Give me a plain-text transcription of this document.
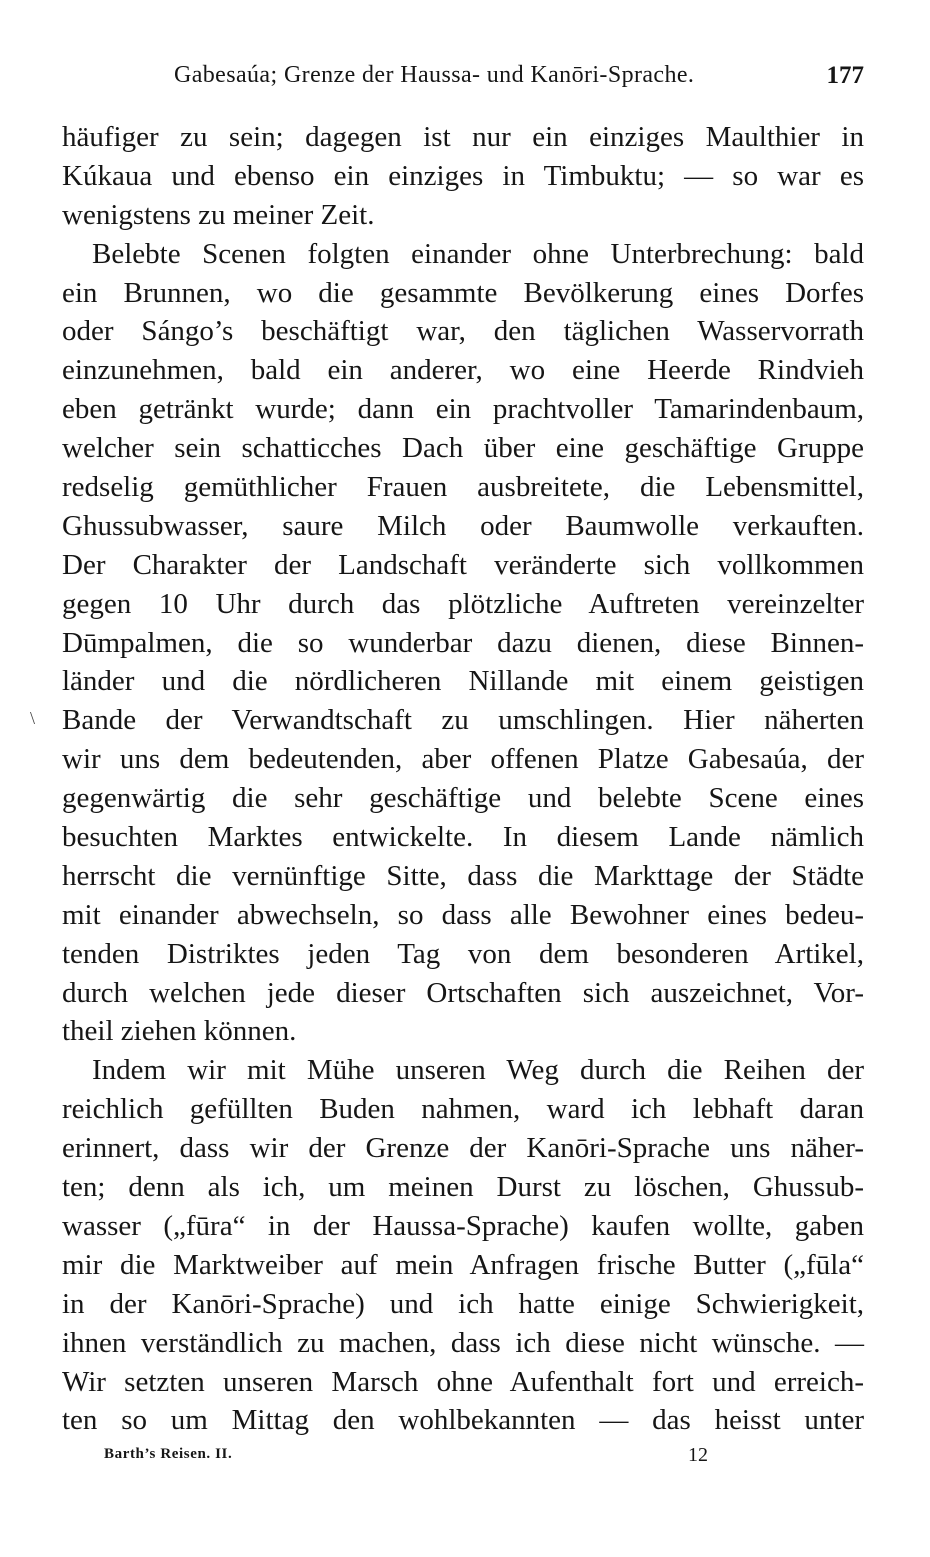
Gabesaúa; Grenze der Haussa- und Kanōri-Sprache.	177
\
häufiger zu sein; dagegen ist nur ein einziges Maulthier in
Kúkaua und ebenso ein einziges in Timbuktu; — so war es
wenigstens zu meiner Zeit.
Belebte Scenen folgten einander ohne Unterbrechung: bald
ein Brunnen, wo die gesammte Bevölkerung eines Dorfes
oder Sángo’s beschäftigt war, den täglichen Wasservorrath
einzunehmen, bald ein anderer, wo eine Heerde Rindvieh
eben getränkt wurde; dann ein prachtvoller Tamarindenbaum,
welcher sein schatticches Dach über eine geschäftige Gruppe
redselig gemüthlicher Frauen ausbreitete, die Lebensmittel,
Ghussubwasser, saure Milch oder Baumwolle verkauften.
Der Charakter der Landschaft veränderte sich vollkommen
gegen 10 Uhr durch das plötzliche Auftreten vereinzelter
Dūmpalmen, die so wunderbar dazu dienen, diese Binnen-
länder und die nördlicheren Nillande mit einem geistigen
Bande der Verwandtschaft zu umschlingen. Hier näherten
wir uns dem bedeutenden, aber offenen Platze Gabesaúa, der
gegenwärtig die sehr geschäftige und belebte Scene eines
besuchten Marktes entwickelte. In diesem Lande nämlich
herrscht die vernünftige Sitte, dass die Markttage der Städte
mit einander abwechseln, so dass alle Bewohner eines bedeu-
tenden Distriktes jeden Tag von dem besonderen Artikel,
durch welchen jede dieser Ortschaften sich auszeichnet, Vor-
theil ziehen können.
Indem wir mit Mühe unseren Weg durch die Reihen der
reichlich gefüllten Buden nahmen, ward ich lebhaft daran
erinnert, dass wir der Grenze der Kanōri-Sprache uns näher-
ten; denn als ich, um meinen Durst zu löschen, Ghussub-
wasser („fūra“ in der Haussa-Sprache) kaufen wollte, gaben
mir die Marktweiber auf mein Anfragen frische Butter („fūla“
in der Kanōri-Sprache) und ich hatte einige Schwierigkeit,
ihnen verständlich zu machen, dass ich diese nicht wünsche. —
Wir setzten unseren Marsch ohne Aufenthalt fort und erreich-
ten so um Mittag den wohlbekannten — das heisst unter
Barth’s Reisen. II.	12
